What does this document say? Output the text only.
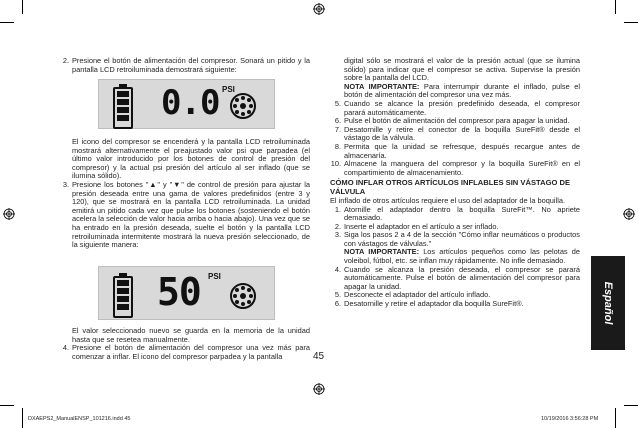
2. Presione el botón de alimentación del compresor. Sonará un pitido y la pantalla LCD retroiluminada demostrará siguiente:

0.0 PSI

El icono del compresor se encenderá y la pantalla LCD retroiluminada mostrará alternativamente el preajustado valor psi que parpadea (el último valor introducido por los botones de control de presión del compresor) y la actual psi presión del artículo al ser inflado (que se ilumina sólido).

3. Presione los botones "▲" y "▼" de control de presión para ajustar la presión deseada entre una gama de valores predefinidos (entre 3 y 120), que se mostrará en la pantalla LCD retroiluminada. La unidad emitirá un pitido cada vez que pulse los botones (sosteniendo el botón acelera la selección de valor hacia arriba o hacia abajo). Una vez que se ha entrado en la presión deseada, suelte el botón y la pantalla LCD retroiluminada intermitente mostrará la nueva presión seleccionado, de la siguiente manera:

50 PSI

El valor seleccionado nuevo se guarda en la memoria de la unidad hasta que se resetea manualmente.

4. Presione el botón de alimentación del compresor una vez más para comenzar a inflar. El icono del compresor parpadea y la pantalla

digital sólo se mostrará el valor de la presión actual (que se ilumina sólido) para indicar que el compresor se activa. Supervise la presión sobre la pantalla del LCD.

NOTA IMPORTANTE: Para interrumpir durante el inflado, pulse el botón de alimentación del compresor una vez más.

5. Cuando se alcance la presión predefinido deseada, el compresor parará automáticamente.

6. Pulse el botón de alimentación del compresor para apagar la unidad.

7. Desatornille y retire el conector de la boquilla SureFit® desde el vástago de la válvula.

8. Permita que la unidad se refresque, después recargue antes de almacenaría.

10. Almacene la manguera del compresor y la boquilla SureFit® en el compartimiento de almacenamiento.

CÓMO INFLAR OTROS ARTÍCULOS INFLABLES SIN VÁSTAGO DE VÁLVULA

El inflado de otros artículos requiere el uso del adaptador de la boquilla.

1. Atornille el adaptador dentro la boquilla SureFit™. No apriete demasiado.

2. Inserte el adaptador en el artículo a ser inflado.

3. Siga los pasos 2 a 4 de la sección "Cómo inflar neumáticos o productos con vástagos de válvulas."

NOTA IMPORTANTE: Los artículos pequeños como las pelotas de voleibol, fútbol, etc. se inflan muy rápidamente. No infle demasiado.

4. Cuando se alcanza la presión deseada, el compresor se parará automáticamente. Pulse el botón de alimentación del compresor para apagar la unidad.

5. Desconecte el adaptador del artículo inflado.

6. Desatornille y retire el adaptador dla boquilla SureFit®.	Español
45
DXAEPS2_ManualENSP_101216.indd 45	10/19/2016 3:56:28 PM
